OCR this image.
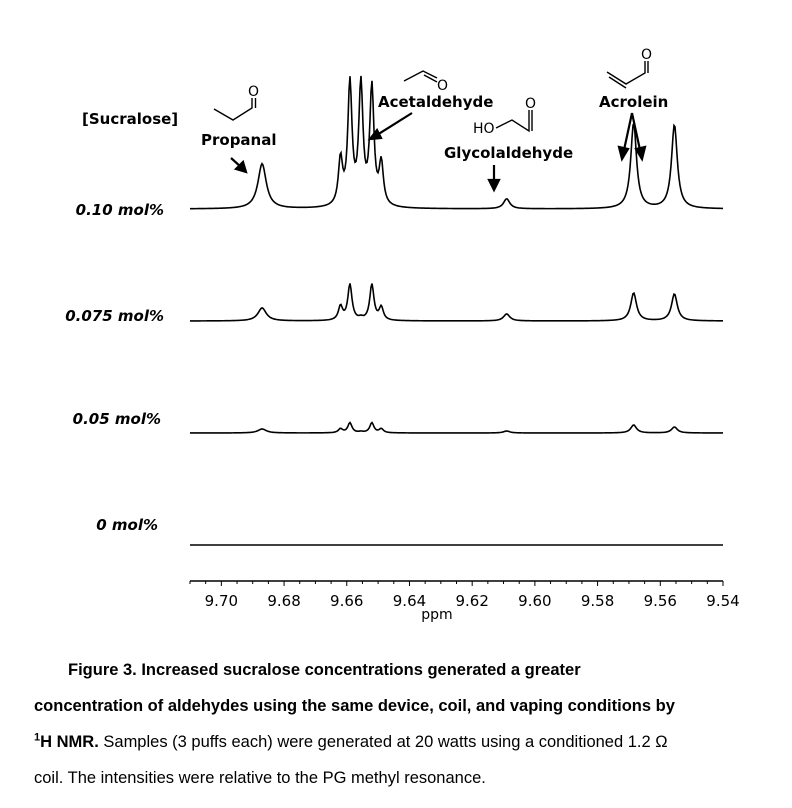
[Sucralose]
0.10 mol%
0.075 mol%
0.05 mol%
0 mol%
9.70 9.68 9.66 9.64 9.62 9.60 9.58 9.56 9.54
ppm
Propanal
Acetaldehyde
Glycolaldehyde
Acrolein
O	O
HO
O
O
Figure 3. Increased sucralose concentrations generated a greater
concentration of aldehydes using the same device, coil, and vaping conditions by
$^1$H NMR. Samples (3 puffs each) were generated at 20 watts using a conditioned 1.2 Ω
coil. The intensities were relative to the PG methyl resonance.
